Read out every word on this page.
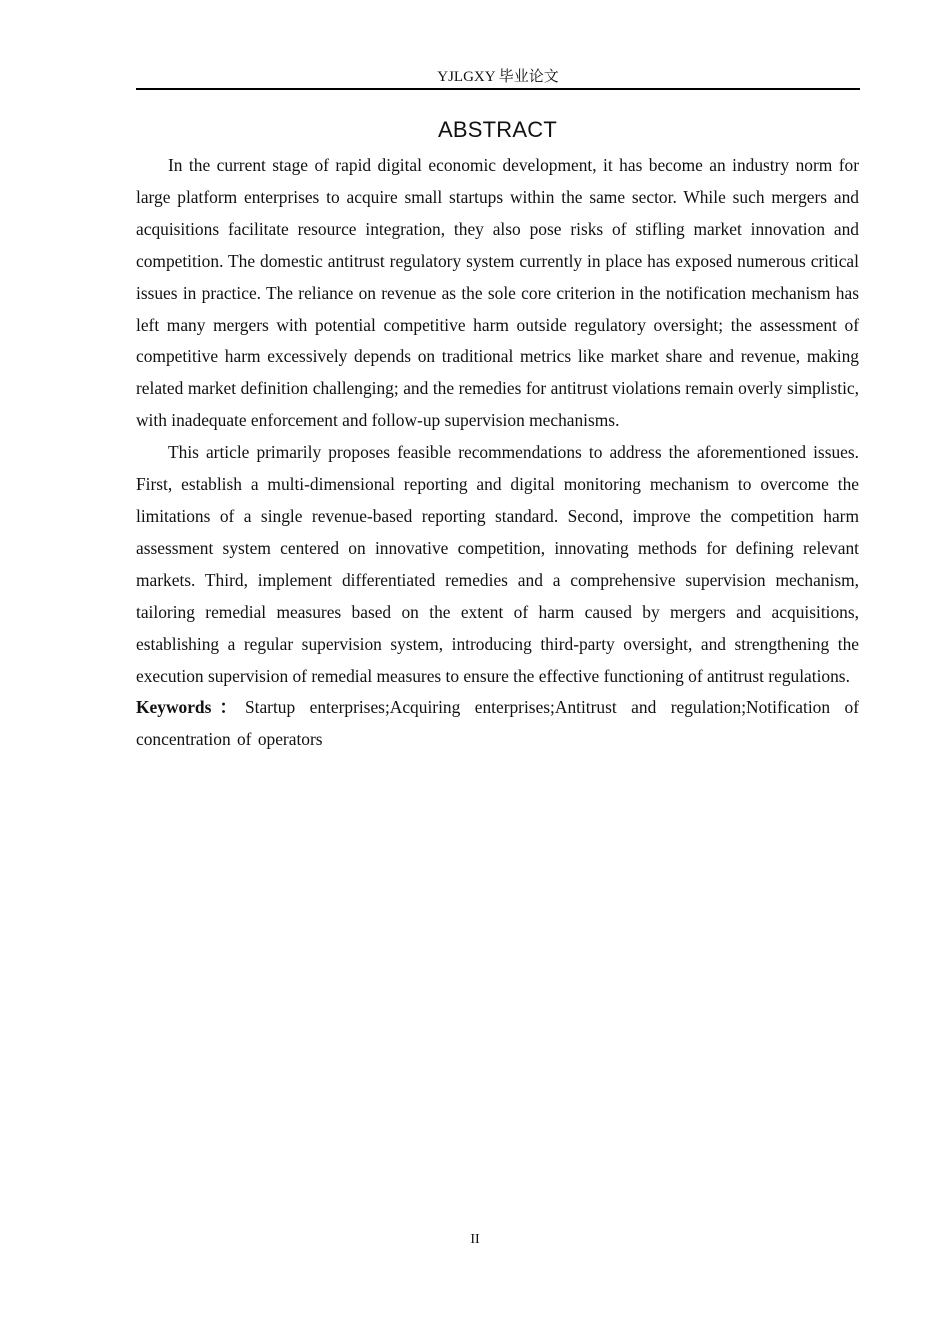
YJLGXY 毕业论文
ABSTRACT

In the current stage of rapid digital economic development, it has become an industry norm for large platform enterprises to acquire small startups within the same sector. While such mergers and acquisitions facilitate resource integration, they also pose risks of stifling market innovation and competition. The domestic antitrust regulatory system currently in place has exposed numerous critical issues in practice. The reliance on revenue as the sole core criterion in the notification mechanism has left many mergers with potential competitive harm outside regulatory oversight; the assessment of competitive harm excessively depends on traditional metrics like market share and revenue, making related market definition challenging; and the remedies for antitrust violations remain overly simplistic, with inadequate enforcement and follow-up supervision mechanisms.

This article primarily proposes feasible recommendations to address the aforementioned issues. First, establish a multi-dimensional reporting and digital monitoring mechanism to overcome the limitations of a single revenue-based reporting standard. Second, improve the competition harm assessment system centered on innovative competition, innovating methods for defining relevant markets. Third, implement differentiated remedies and a comprehensive supervision mechanism, tailoring remedial measures based on the extent of harm caused by mergers and acquisitions, establishing a regular supervision system, introducing third-party oversight, and strengthening the execution supervision of remedial measures to ensure the effective functioning of antitrust regulations.

Keywords：Startup enterprises;Acquiring enterprises;Antitrust and regulation;Notification of concentration of operators

II
